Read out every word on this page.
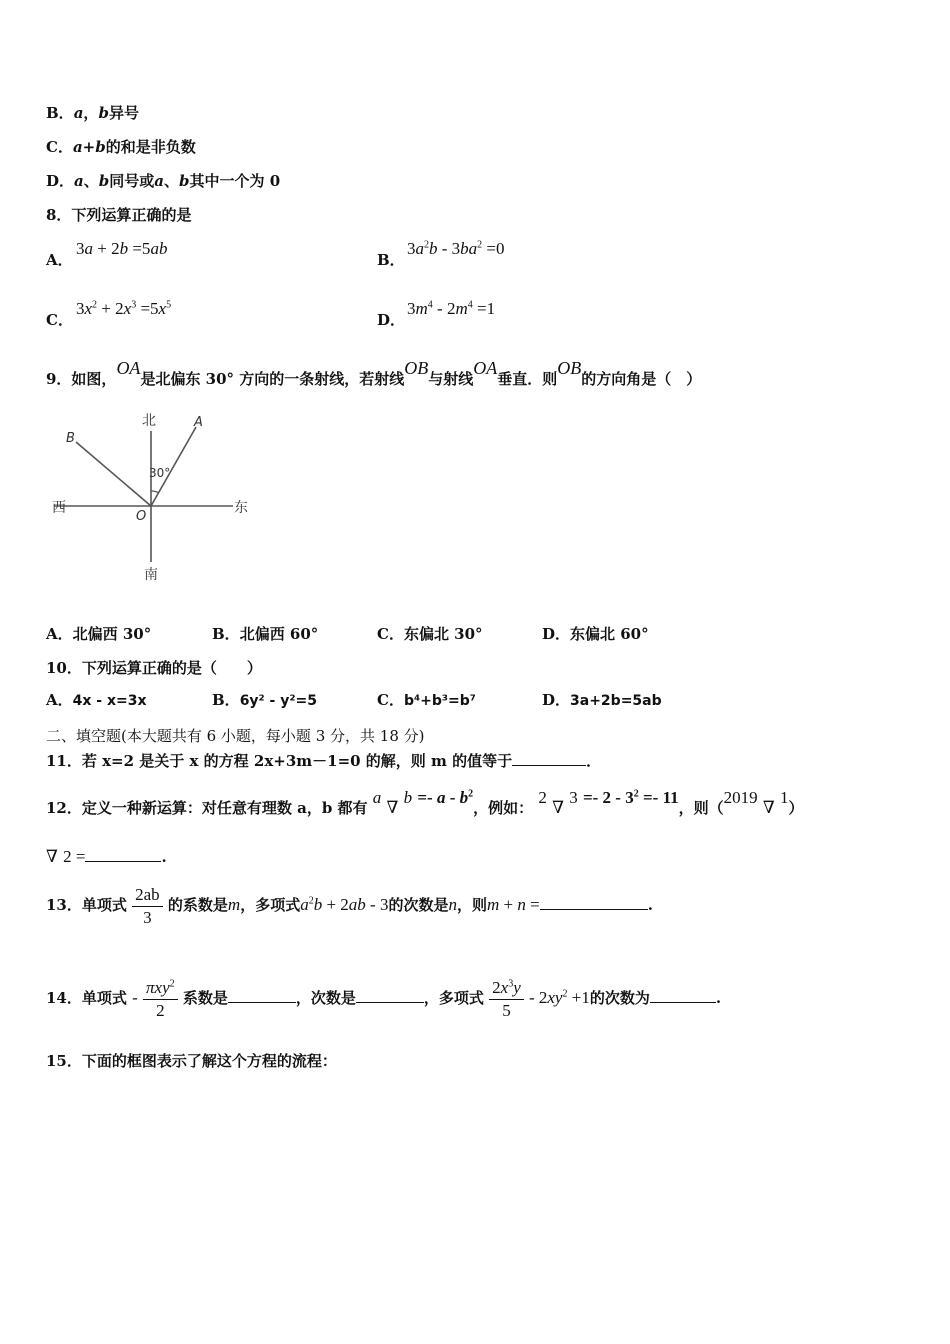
B．a，b异号
C．a+b的和是非负数
D．a、b同号或a、b其中一个为 0
8．下列运算正确的是
A．
3a + 2b =5ab
B．
$3a^2b - 3ba^2 =0$
C．
$3x^2 + 2x^3 =5x^5$
D．
$3m^4 - 2m^4 =1$
9．如图，OA是北偏东 30° 方向的一条射线，若射线OB与射线OA垂直．则OB的方向角是（　）
北
南
东
西
A
B
O
30°
A．北偏西 30°	B．北偏西 60°	C．东偏北 30°	D．东偏北 60°
10．下列运算正确的是（　　）
A．4x - x=3x	B．6y² - y²=5	C．b⁴+b³=b⁷	D．3a+2b=5ab
二、填空题(本大题共有 6 小题，每小题 3 分，共 18 分)
11．若 x=2 是关于 x 的方程 2x+3m－1=0 的解，则 m 的值等于	．
12．定义一种新运算：对任意有理数 a，b 都有 a ∇ $b =- a - b^2$，例如： 2 ∇ $3 =- 2 - 3^2 =- 11$，则（2019 ∇ 1）
∇ 2 =	.
13．单项式 $\frac{2ab}{3}$ 的系数是m，多项式$a^2b + 2ab - 3$的次数是n，则m + n =	.
14．单项式 - $\frac{\pi xy^2}{2}$ 系数是	，次数是	，多项式 $\frac{2x^3y}{5} - 2xy^2 +1$的次数为	.
15．下面的框图表示了解这个方程的流程：
